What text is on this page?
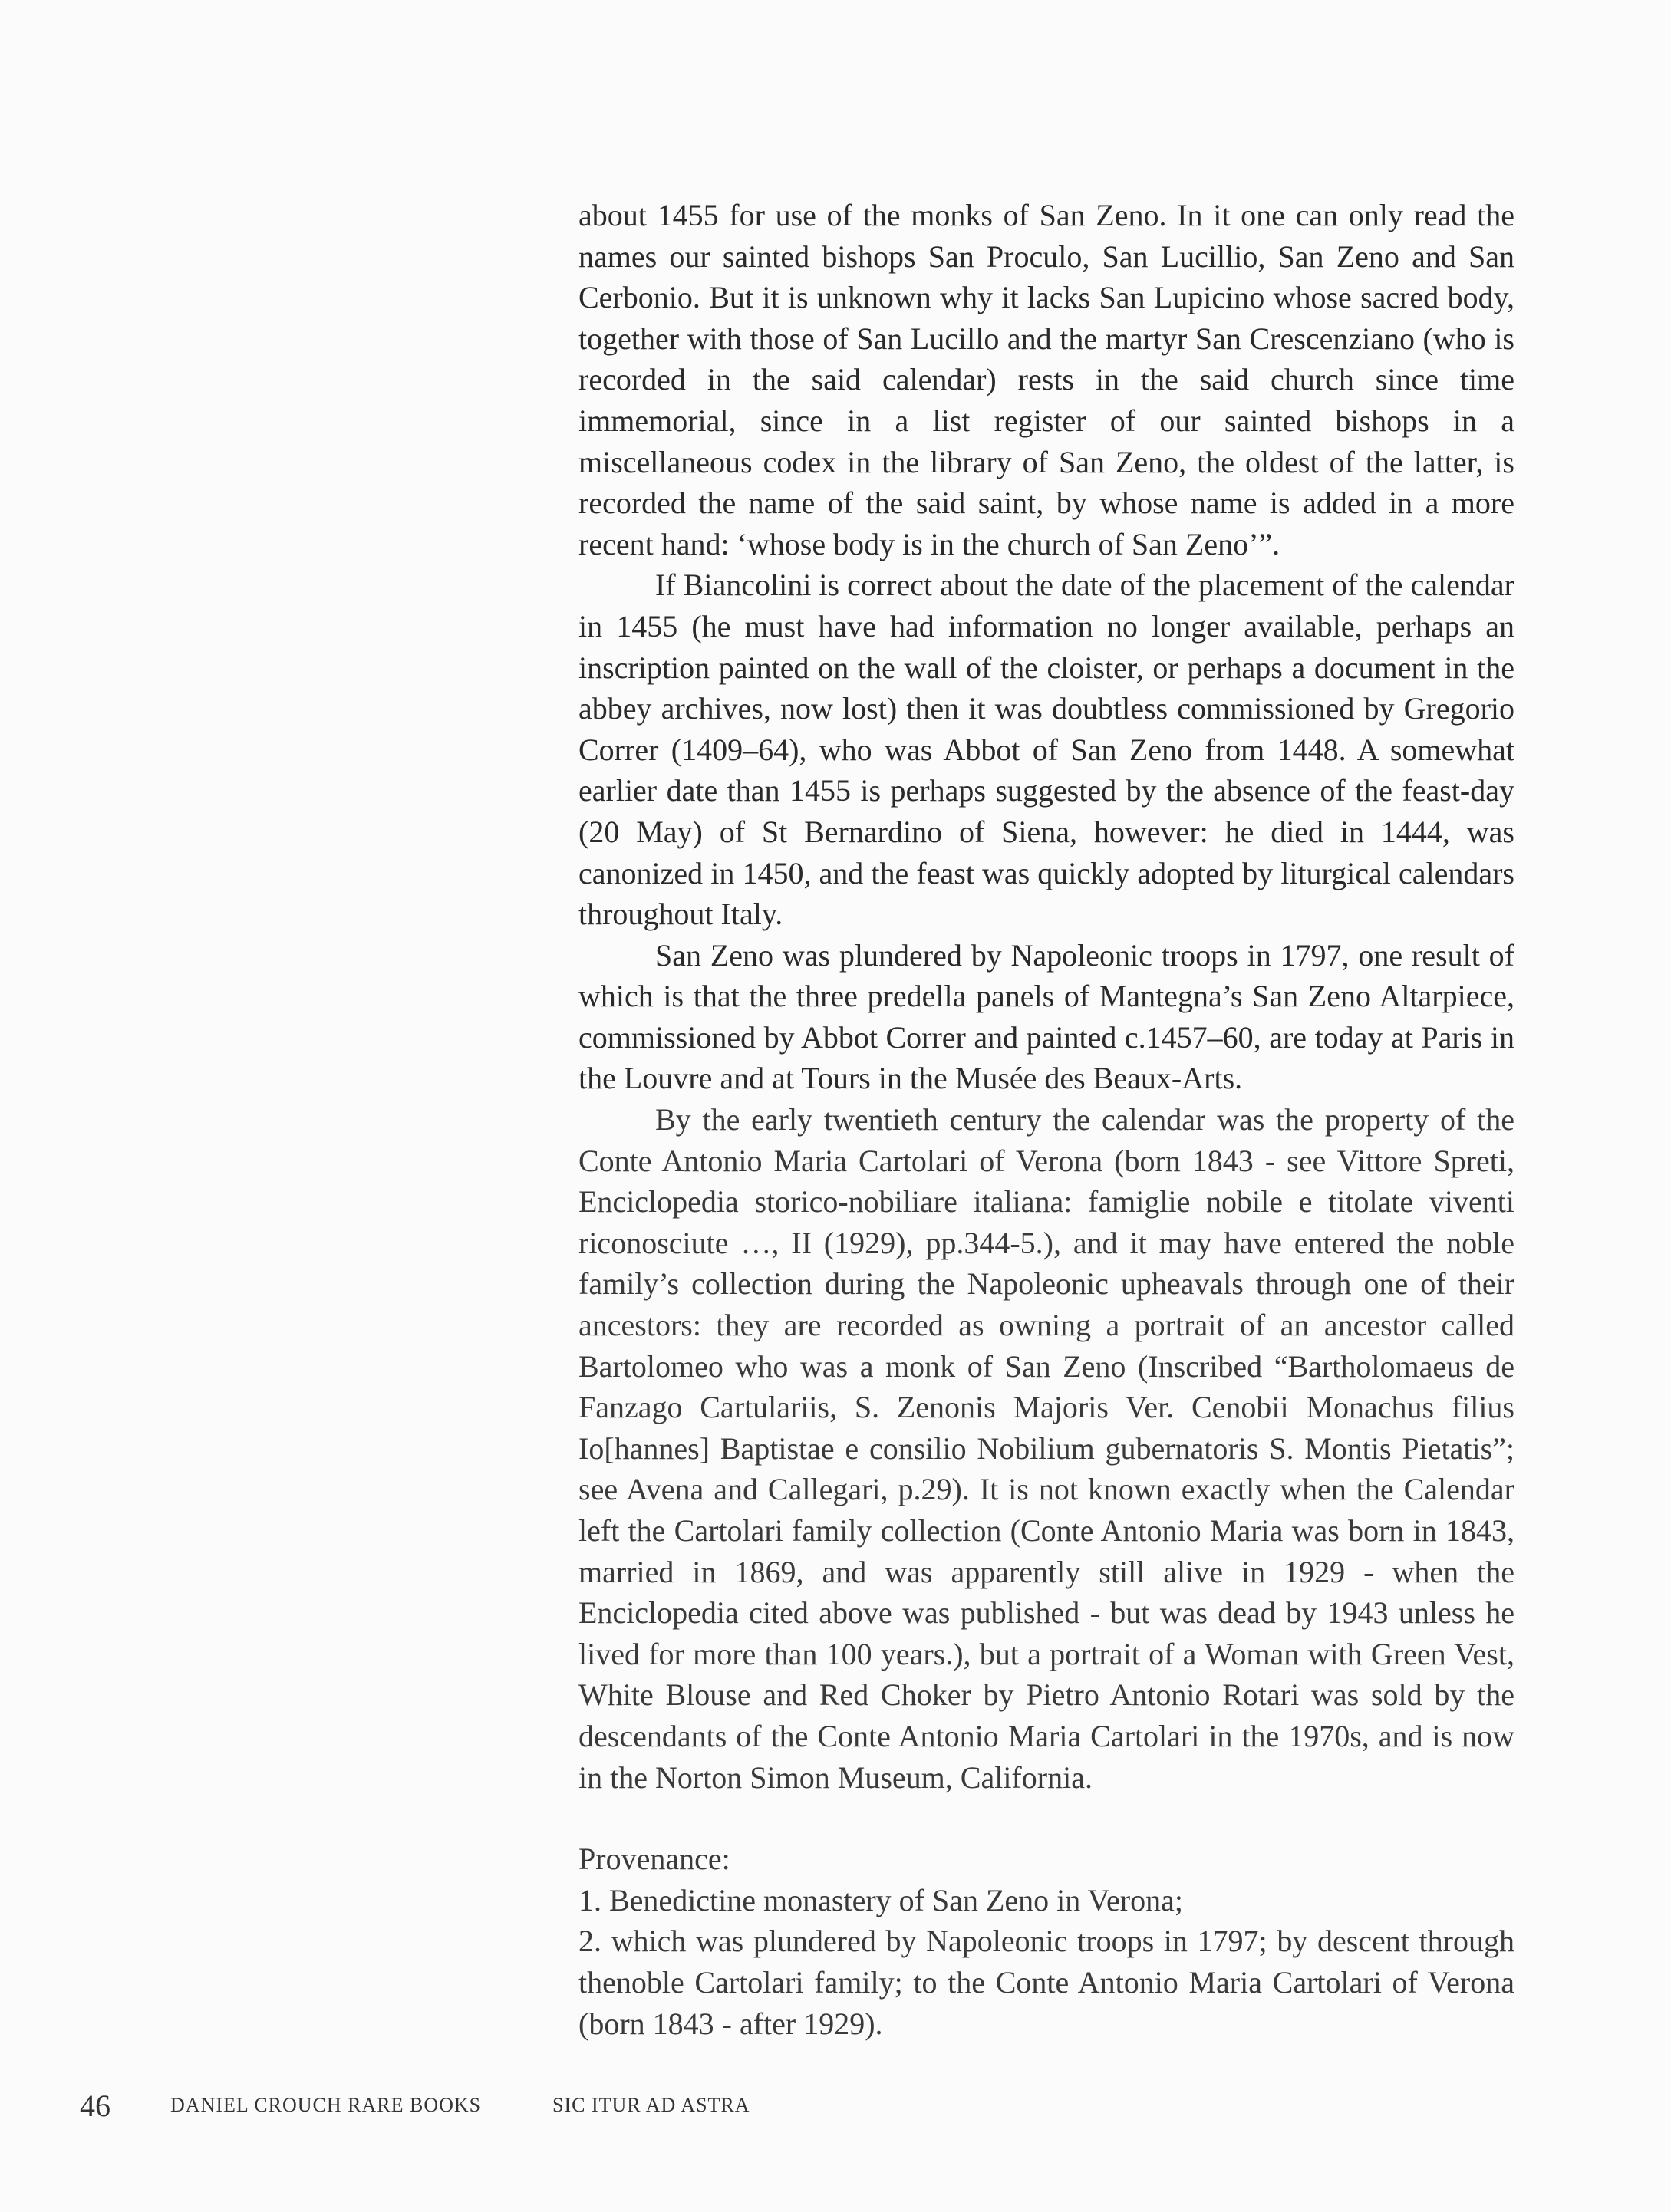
about 1455 for use of the monks of San Zeno. In it one can only read the names our sainted bishops San Proculo, San Lucillio, San Zeno and San Cerbonio. But it is unknown why it lacks San Lupicino whose sacred body, together with those of San Lucillo and the martyr San Crescenziano (who is recorded in the said calendar) rests in the said church since time immemorial, since in a list register of our sainted bishops in a miscellaneous codex in the library of San Zeno, the oldest of the latter, is recorded the name of the said saint, by whose name is added in a more recent hand: ‘whose body is in the church of San Zeno’”.

If Biancolini is correct about the date of the placement of the calendar in 1455 (he must have had information no longer available, perhaps an inscription painted on the wall of the cloister, or perhaps a document in the abbey archives, now lost) then it was doubtless commissioned by Gregorio Correr (1409–64), who was Abbot of San Zeno from 1448. A somewhat earlier date than 1455 is perhaps suggested by the absence of the feast-day (20 May) of St Bernardino of Siena, however: he died in 1444, was canonized in 1450, and the feast was quickly adopted by liturgical calendars throughout Italy.

San Zeno was plundered by Napoleonic troops in 1797, one result of which is that the three predella panels of Mantegna’s San Zeno Altarpiece, commissioned by Abbot Correr and painted c.1457–60, are today at Paris in the Louvre and at Tours in the Musée des Beaux-Arts.

By the early twentieth century the calendar was the property of the Conte Antonio Maria Cartolari of Verona (born 1843 - see Vittore Spreti, Enciclopedia storico-nobiliare italiana: famiglie nobile e titolate viventi riconosciute …, II (1929), pp.344-5.), and it may have entered the noble family’s collection during the Napoleonic upheavals through one of their ancestors: they are recorded as owning a portrait of an ancestor called Bartolomeo who was a monk of San Zeno (Inscribed “Bartholomaeus de Fanzago Cartulariis, S. Zenonis Majoris Ver. Cenobii Monachus filius Io[hannes] Baptistae e consilio Nobilium gubernatoris S. Montis Pietatis”; see Avena and Callegari, p.29). It is not known exactly when the Calendar left the Cartolari family collection (Conte Antonio Maria was born in 1843, married in 1869, and was apparently still alive in 1929 - when the Enciclopedia cited above was published - but was dead by 1943 unless he lived for more than 100 years.), but a portrait of a Woman with Green Vest, White Blouse and Red Choker by Pietro Antonio Rotari was sold by the descendants of the Conte Antonio Maria Cartolari in the 1970s, and is now in the Norton Simon Museum, California.

Provenance:

1. Benedictine monastery of San Zeno in Verona;

2. which was plundered by Napoleonic troops in 1797; by descent through thenoble Cartolari family; to the Conte Antonio Maria Cartolari of Verona (born 1843 - after 1929).

46	DANIEL CROUCH RARE BOOKS	SIC ITUR AD ASTRA
